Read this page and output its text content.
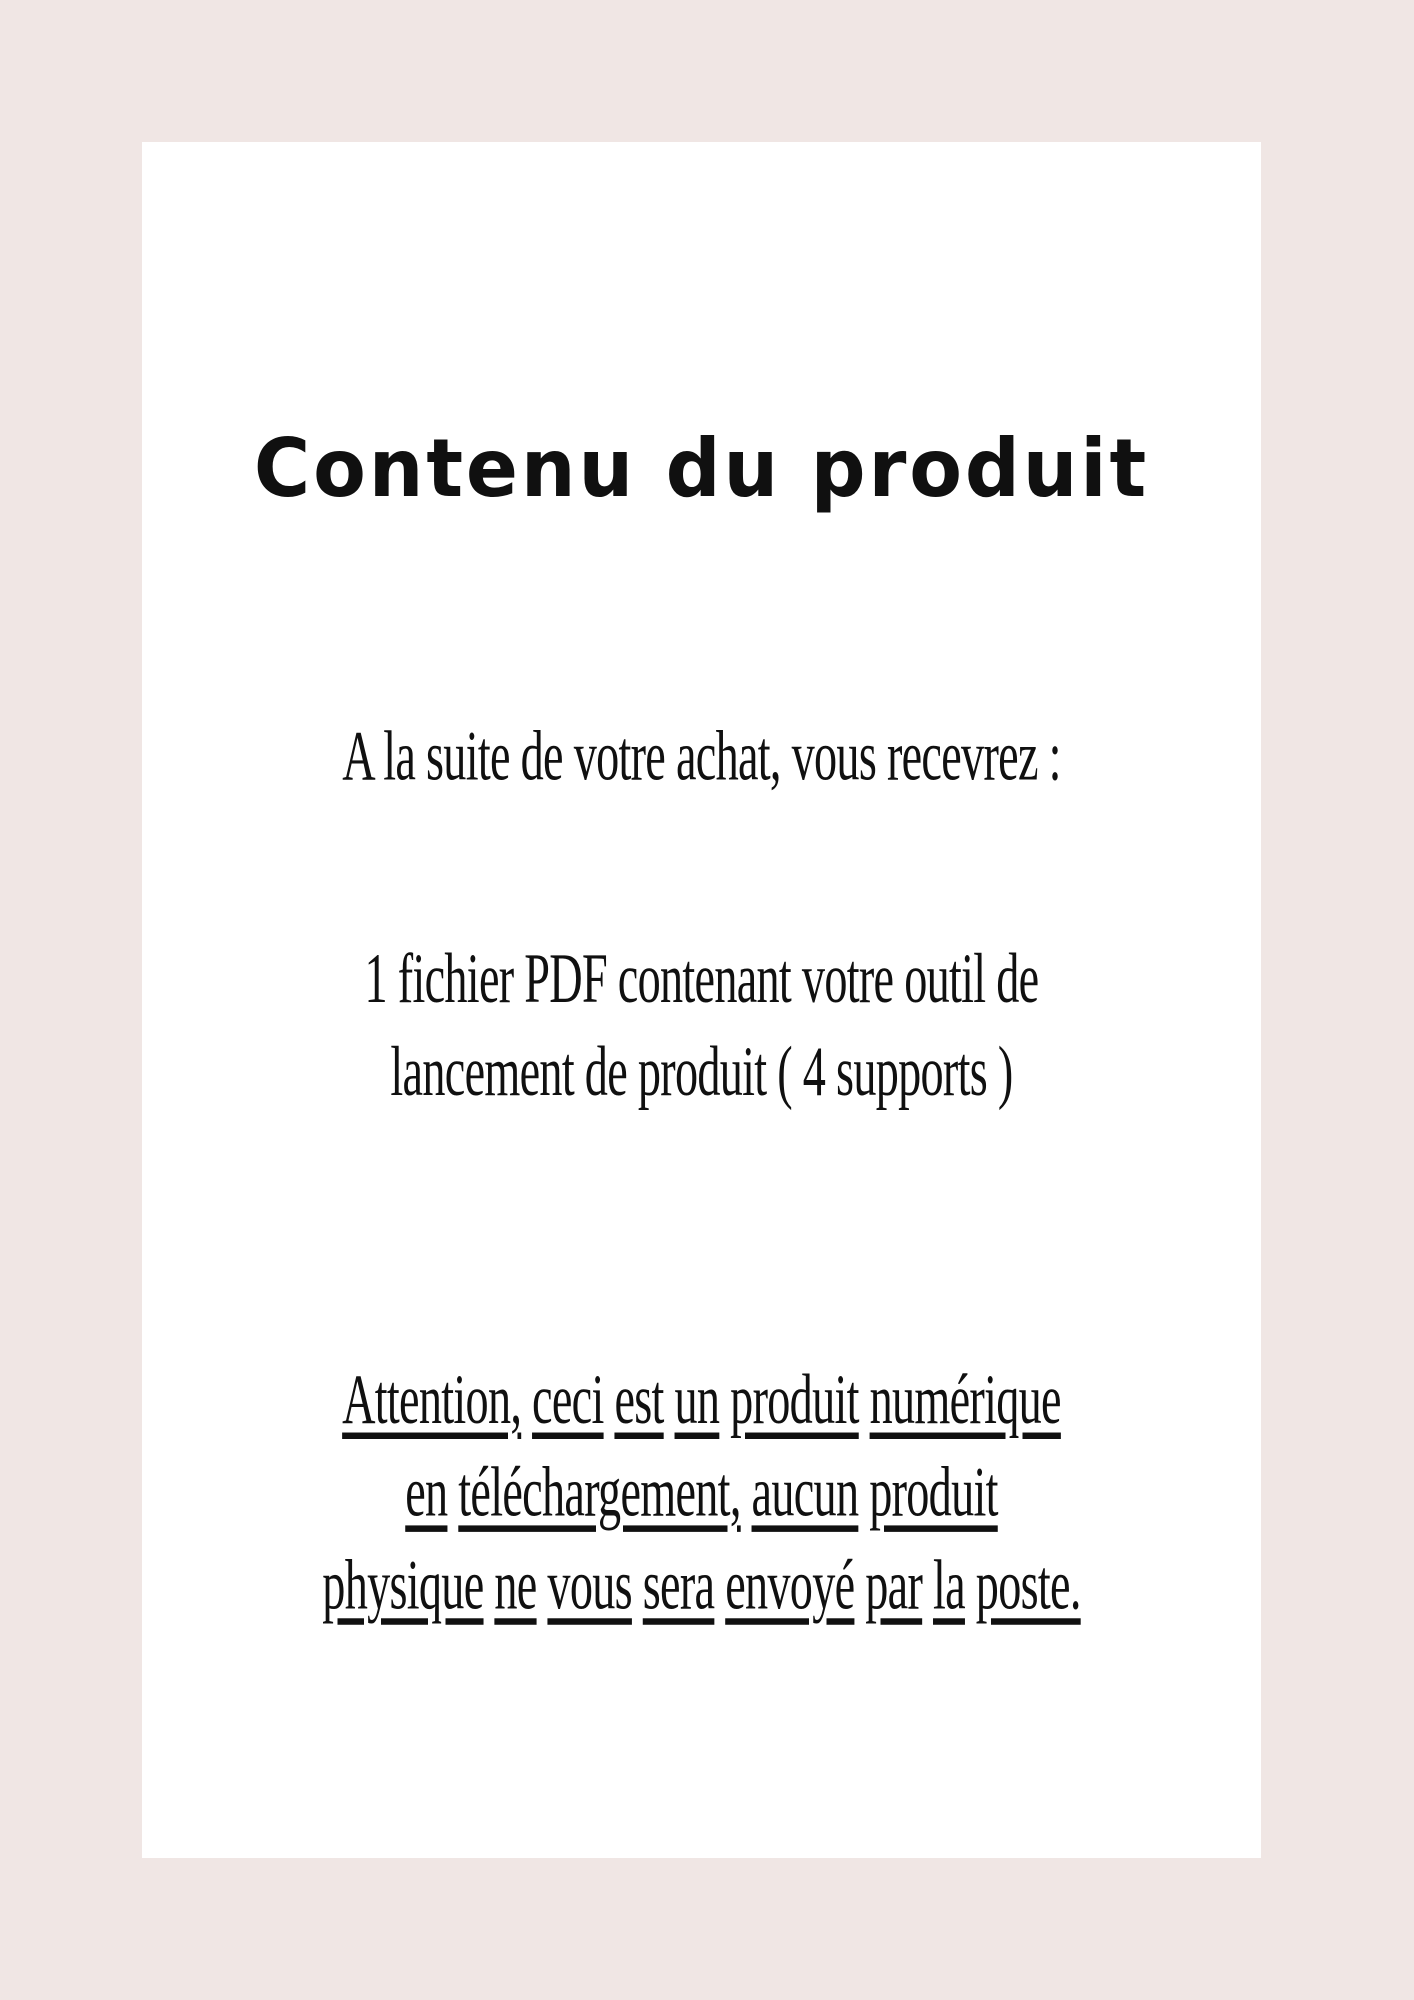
Contenu du produit

A la suite de votre achat, vous recevrez :

1 fichier PDF contenant votre outil de
lancement de produit ( 4 supports )

Attention, ceci est un produit numérique
en téléchargement, aucun produit
physique ne vous sera envoyé par la poste.
